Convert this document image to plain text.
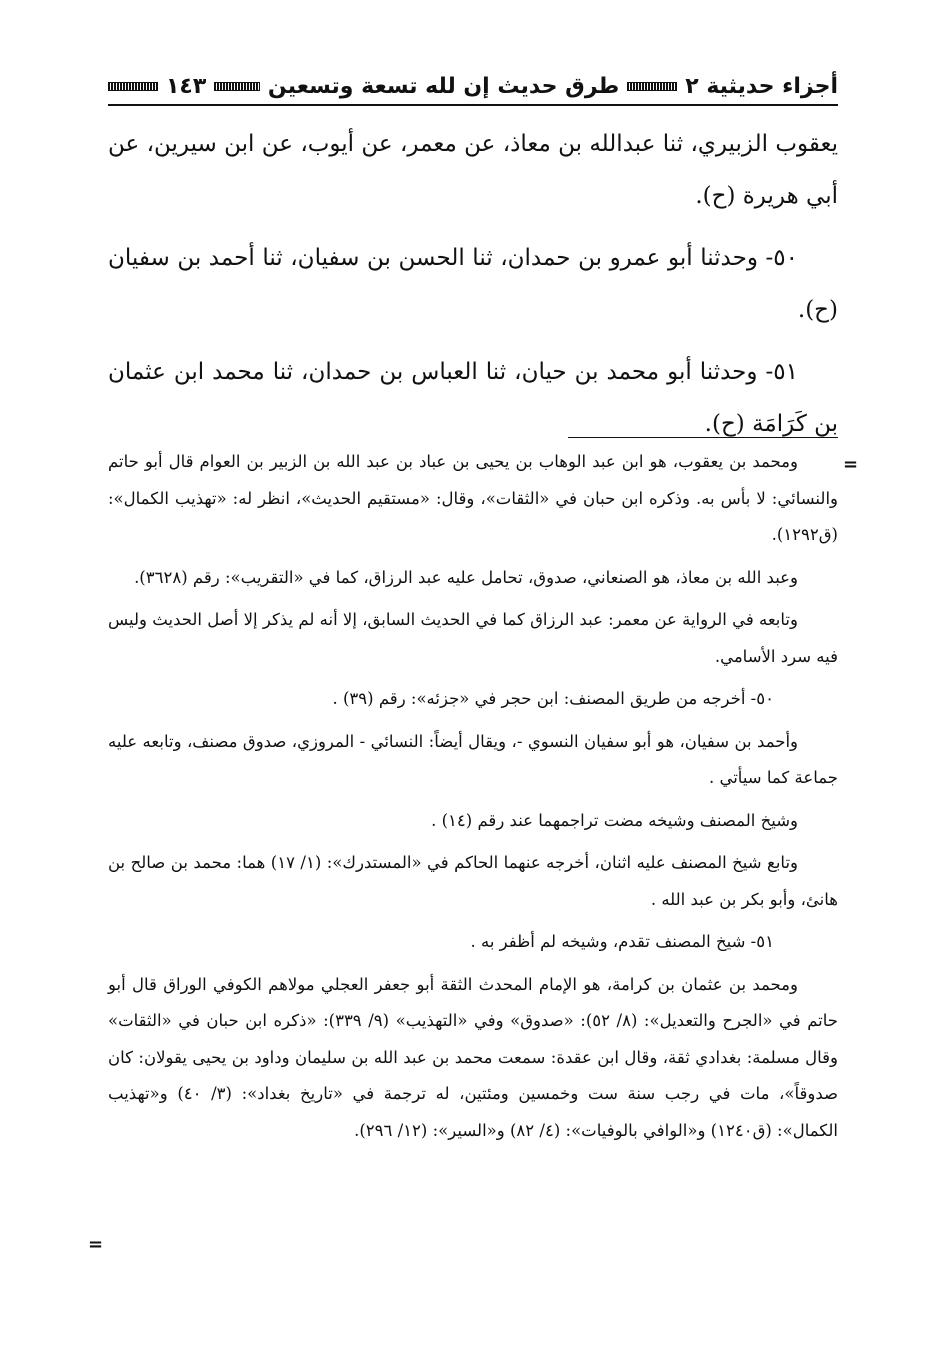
أجزاء حديثية ٢
طرق حديث إن لله تسعة وتسعين
١٤٣

يعقوب الزبيري، ثنا عبدالله بن معاذ، عن معمر، عن أيوب، عن ابن سيرين، عن أبي هريرة (ح).

٥٠- وحدثنا أبو عمرو بن حمدان، ثنا الحسن بن سفيان، ثنا أحمد بن سفيان (ح).

٥١- وحدثنا أبو محمد بن حيان، ثنا العباس بن حمدان، ثنا محمد ابن عثمان بن كَرَامَة (ح).

=

ومحمد بن يعقوب، هو ابن عبد الوهاب بن يحيى بن عباد بن عبد الله بن الزبير بن العوام قال أبو حاتم والنسائي: لا بأس به. وذكره ابن حبان في «الثقات»، وقال: «مستقيم الحديث»، انظر له: «تهذيب الكمال»: (ق١٢٩٢).

وعبد الله بن معاذ، هو الصنعاني، صدوق، تحامل عليه عبد الرزاق، كما في «التقريب»: رقم (٣٦٢٨).

وتابعه في الرواية عن معمر: عبد الرزاق كما في الحديث السابق، إلا أنه لم يذكر إلا أصل الحديث وليس فيه سرد الأسامي.

٥٠- أخرجه من طريق المصنف: ابن حجر في «جزئه»: رقم (٣٩) .

وأحمد بن سفيان، هو أبو سفيان النسوي -، ويقال أيضاً: النسائي - المروزي، صدوق مصنف، وتابعه عليه جماعة كما سيأتي .

وشيخ المصنف وشيخه مضت تراجمهما عند رقم (١٤) .

وتابع شيخ المصنف عليه اثنان، أخرجه عنهما الحاكم في «المستدرك»: (١/ ١٧) هما: محمد بن صالح بن هانئ، وأبو بكر بن عبد الله .

٥١- شيخ المصنف تقدم، وشيخه لم أظفر به .

ومحمد بن عثمان بن كرامة، هو الإمام المحدث الثقة أبو جعفر العجلي مولاهم الكوفي الوراق قال أبو حاتم في «الجرح والتعديل»: (٨/ ٥٢): «صدوق» وفي «التهذيب» (٩/ ٣٣٩): «ذكره ابن حبان في «الثقات» وقال مسلمة: بغدادي ثقة، وقال ابن عقدة: سمعت محمد بن عبد الله بن سليمان وداود بن يحيى يقولان: كان صدوقاً»، مات في رجب سنة ست وخمسين ومئتين، له ترجمة في «تاريخ بغداد»: (٣/ ٤٠) و«تهذيب الكمال»: (ق١٢٤٠) و«الوافي بالوفيات»: (٤/ ٨٢) و«السير»: (١٢/ ٢٩٦).

=
